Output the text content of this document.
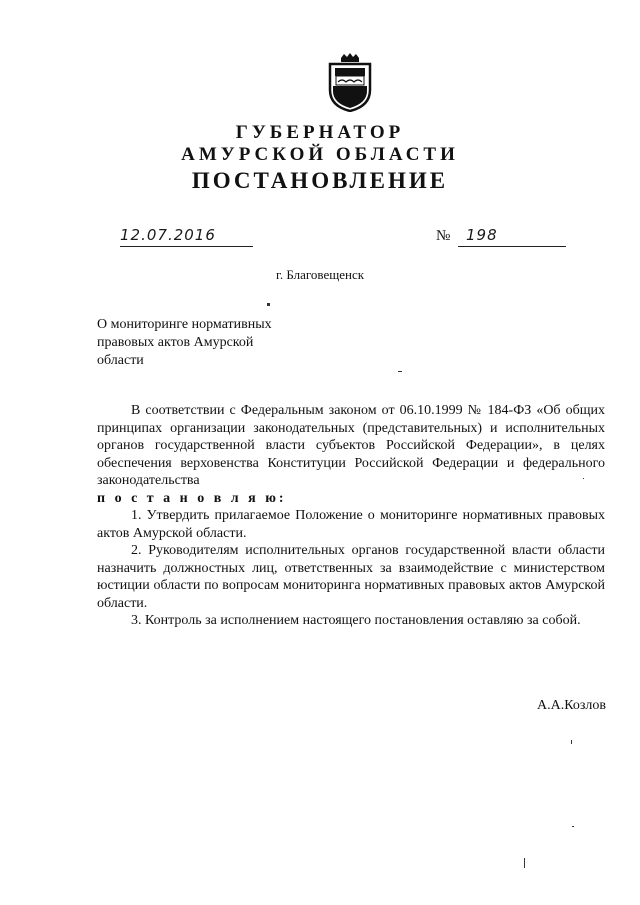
ГУБЕРНАТОР
АМУРСКОЙ ОБЛАСТИ
ПОСТАНОВЛЕНИЕ
12.07.2016	№	198
г. Благовещенск
О мониторинге нормативных правовых актов Амурской области

В соответствии с Федеральным законом от 06.10.1999 № 184-ФЗ «Об общих принципах организации законодательных (представительных) и исполнительных органов государственной власти субъектов Российской Федерации», в целях обеспечения верховенства Конституции Российской Федерации и федерального законодательства

п о с т а н о в л я ю:

1. Утвердить прилагаемое Положение о мониторинге нормативных правовых актов Амурской области.

2. Руководителям исполнительных органов государственной власти области назначить должностных лиц, ответственных за взаимодействие с министерством юстиции области по вопросам мониторинга нормативных правовых актов Амурской области.

3. Контроль за исполнением настоящего постановления оставляю за собой.

А.А.Козлов
